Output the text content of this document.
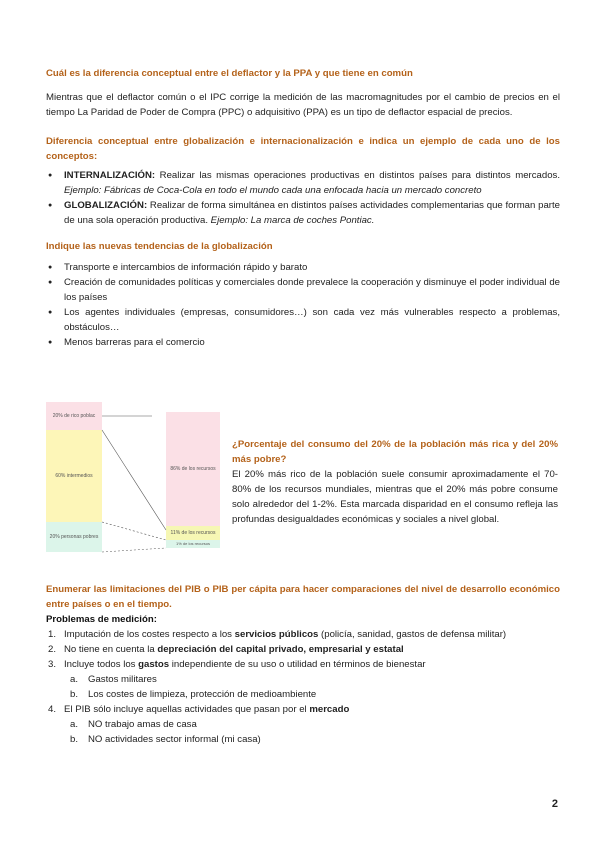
Cuál es la diferencia conceptual entre el deflactor y la PPA y que tiene en común

Mientras que el deflactor común o el IPC corrige la medición de las macromagnitudes por el cambio de precios en el tiempo La Paridad de Poder de Compra (PPC) o adquisitivo (PPA) es un tipo de deflactor espacial de precios.

Diferencia conceptual entre globalización e internacionalización e indica un ejemplo de cada uno de los conceptos:

● INTERNALIZACIÓN: Realizar las mismas operaciones productivas en distintos países para distintos mercados. Ejemplo: Fábricas de Coca-Cola en todo el mundo cada una enfocada hacia un mercado concreto
● GLOBALIZACIÓN: Realizar de forma simultánea en distintos países actividades complementarias que forman parte de una sola operación productiva. Ejemplo: La marca de coches Pontiac.

Indique las nuevas tendencias de la globalización

● Transporte e intercambios de información rápido y barato
● Creación de comunidades políticas y comerciales donde prevalece la cooperación y disminuye el poder individual de los países
● Los agentes individuales (empresas, consumidores…) son cada vez más vulnerables respecto a problemas, obstáculos…
● Menos barreras para el comercio
20% de rico poblac
60% intermedios
20% personas pobres
86% de los recursos
11% de los recursos
1% de los recursos

¿Porcentaje del consumo del 20% de la población más rica y del 20% más pobre?

El 20% más rico de la población suele consumir aproximadamente el 70-80% de los recursos mundiales, mientras que el 20% más pobre consume solo alrededor del 1-2%. Esta marcada disparidad en el consumo refleja las profundas desigualdades económicas y sociales a nivel global.

Enumerar las limitaciones del PIB o PIB per cápita para hacer comparaciones del nivel de desarrollo económico entre países o en el tiempo.

Problemas de medición:

1. Imputación de los costes respecto a los servicios públicos (policía, sanidad, gastos de defensa militar)
2. No tiene en cuenta la depreciación del capital privado, empresarial y estatal
3. Incluye todos los gastos independiente de su uso o utilidad en términos de bienestar
a. Gastos militares
b. Los costes de limpieza, protección de medioambiente
4. El PIB sólo incluye aquellas actividades que pasan por el mercado
a. NO trabajo amas de casa
b. NO actividades sector informal (mi casa)
2
